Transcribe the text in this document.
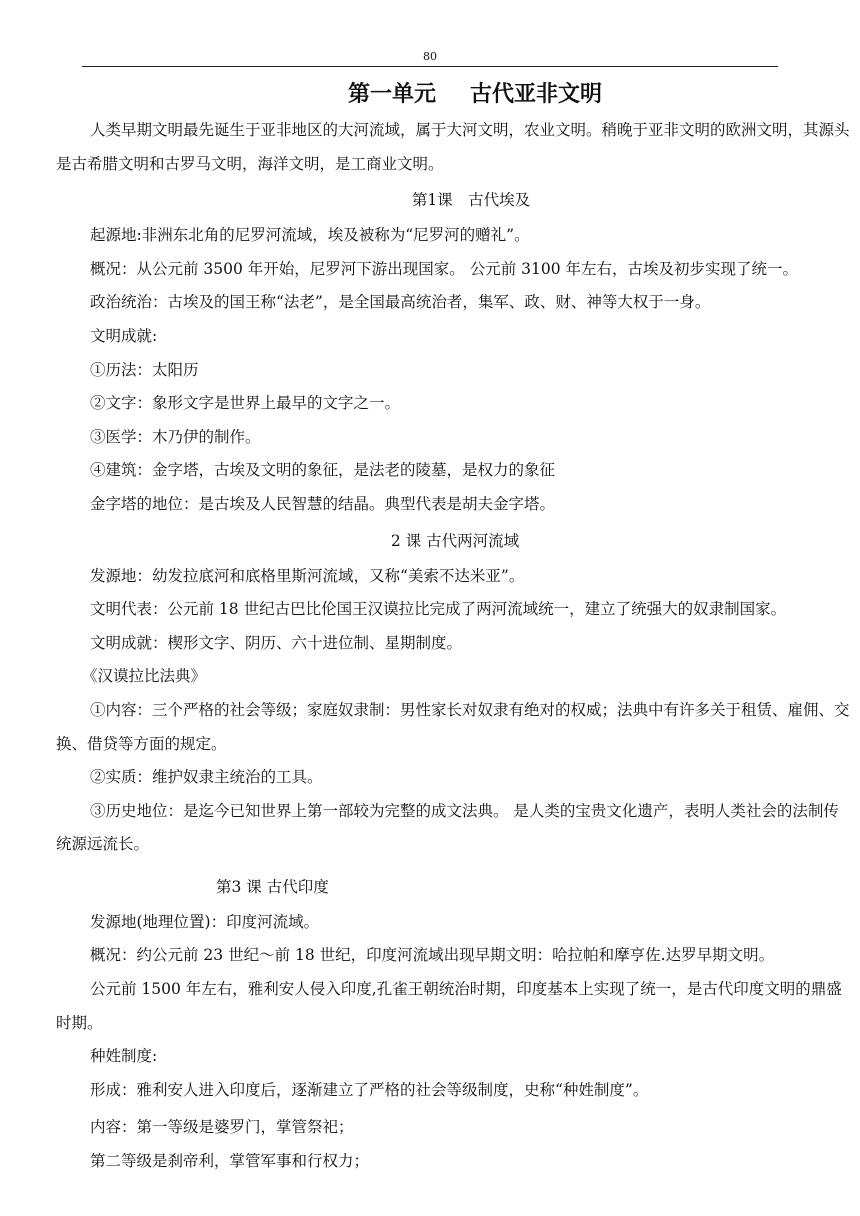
80

第一单元 古代亚非文明

人类早期文明最先诞生于亚非地区的大河流域，属于大河文明，农业文明。稍晚于亚非文明的欧洲文明，其源头是古希腊文明和古罗马文明，海洋文明，是工商业文明。

第1课　古代埃及

起源地:非洲东北角的尼罗河流域，埃及被称为“尼罗河的赠礼”。

概况：从公元前 3500 年开始，尼罗河下游出现国家。 公元前 3100 年左右，古埃及初步实现了统一。

政治统治：古埃及的国王称“法老”，是全国最高统治者，集军、政、财、神等大权于一身。

文明成就:

①历法：太阳历

②文字：象形文字是世界上最早的文字之一。

③医学：木乃伊的制作。

④建筑：金字塔，古埃及文明的象征，是法老的陵墓，是权力的象征

金字塔的地位：是古埃及人民智慧的结晶。典型代表是胡夫金字塔。

2 课 古代两河流域

发源地：幼发拉底河和底格里斯河流域，又称“美索不达米亚”。

文明代表：公元前 18 世纪古巴比伦国王汉谟拉比完成了两河流域统一，建立了统强大的奴隶制国家。

文明成就：楔形文字、阴历、六十进位制、星期制度。

《汉谟拉比法典》

①内容：三个严格的社会等级；家庭奴隶制：男性家长对奴隶有绝对的权威；法典中有许多关于租赁、雇佣、交换、借贷等方面的规定。

②实质：维护奴隶主统治的工具。

③历史地位：是迄今已知世界上第一部较为完整的成文法典。 是人类的宝贵文化遗产，表明人类社会的法制传统源远流长。

第3 课 古代印度

发源地(地理位置)：印度河流域。

概况：约公元前 23 世纪～前 18 世纪，印度河流域出现早期文明：哈拉帕和摩亨佐.达罗早期文明。

公元前 1500 年左右，雅利安人侵入印度,孔雀王朝统治时期，印度基本上实现了统一，是古代印度文明的鼎盛时期。

种姓制度:

形成：雅利安人进入印度后，逐渐建立了严格的社会等级制度，史称“种姓制度”。

内容：第一等级是婆罗门，掌管祭祀；

第二等级是刹帝利，掌管军事和行权力；
